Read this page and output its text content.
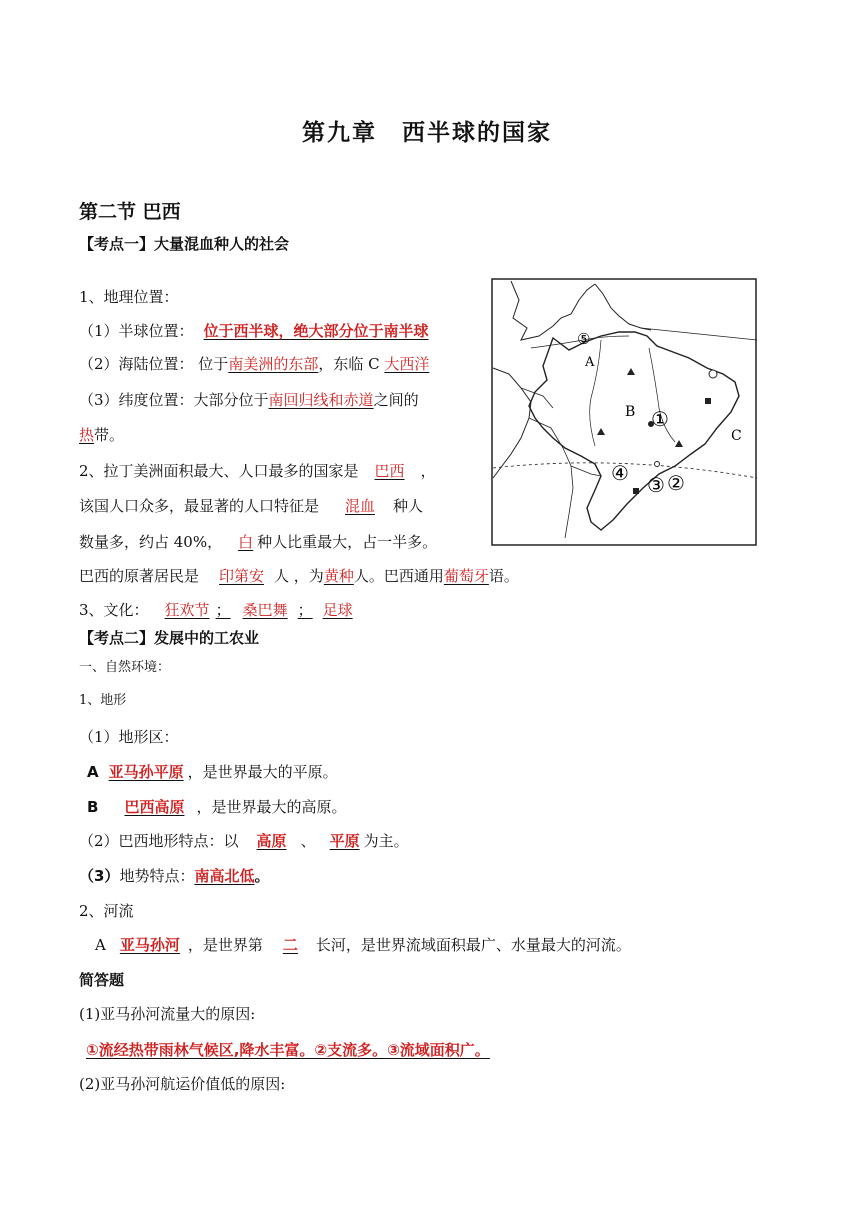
第九章　西半球的国家
第二节 巴西
【考点一】大量混血种人的社会
1、地理位置：
（1）半球位置： 位于西半球，绝大部分位于南半球
（2）海陆位置： 位于南美洲的东部，东临 C 大西洋
（3）纬度位置：大部分位于南回归线和赤道之间的
热带。
2、拉丁美洲面积最大、人口最多的国家是 巴西 ，
该国人口众多，最显著的人口特征是 混血 种人
数量多，约占 40%， 白 种人比重最大，占一半多。
巴西的原著居民是 印第安 人 ，为黄种人。巴西通用葡萄牙语。
3、文化： 狂欢节 ； 桑巴舞 ； 足球
【考点二】发展中的工农业
一、自然环境：
1、地形
（1）地形区：
A 亚马孙平原 ，是世界最大的平原。
B 巴西高原 ，是世界最大的高原。
（2）巴西地形特点：以 高原 、 平原 为主。
（3）地势特点：南高北低。
2、河流
A 亚马孙河 ，是世界第 二 长河，是世界流域面积最广、水量最大的河流。
简答题
(1)亚马孙河流量大的原因:
①流经热带雨林气候区,降水丰富。②支流多。③流域面积广。
(2)亚马孙河航运价值低的原因:
⑤
A
B
C
①
②
③
④
